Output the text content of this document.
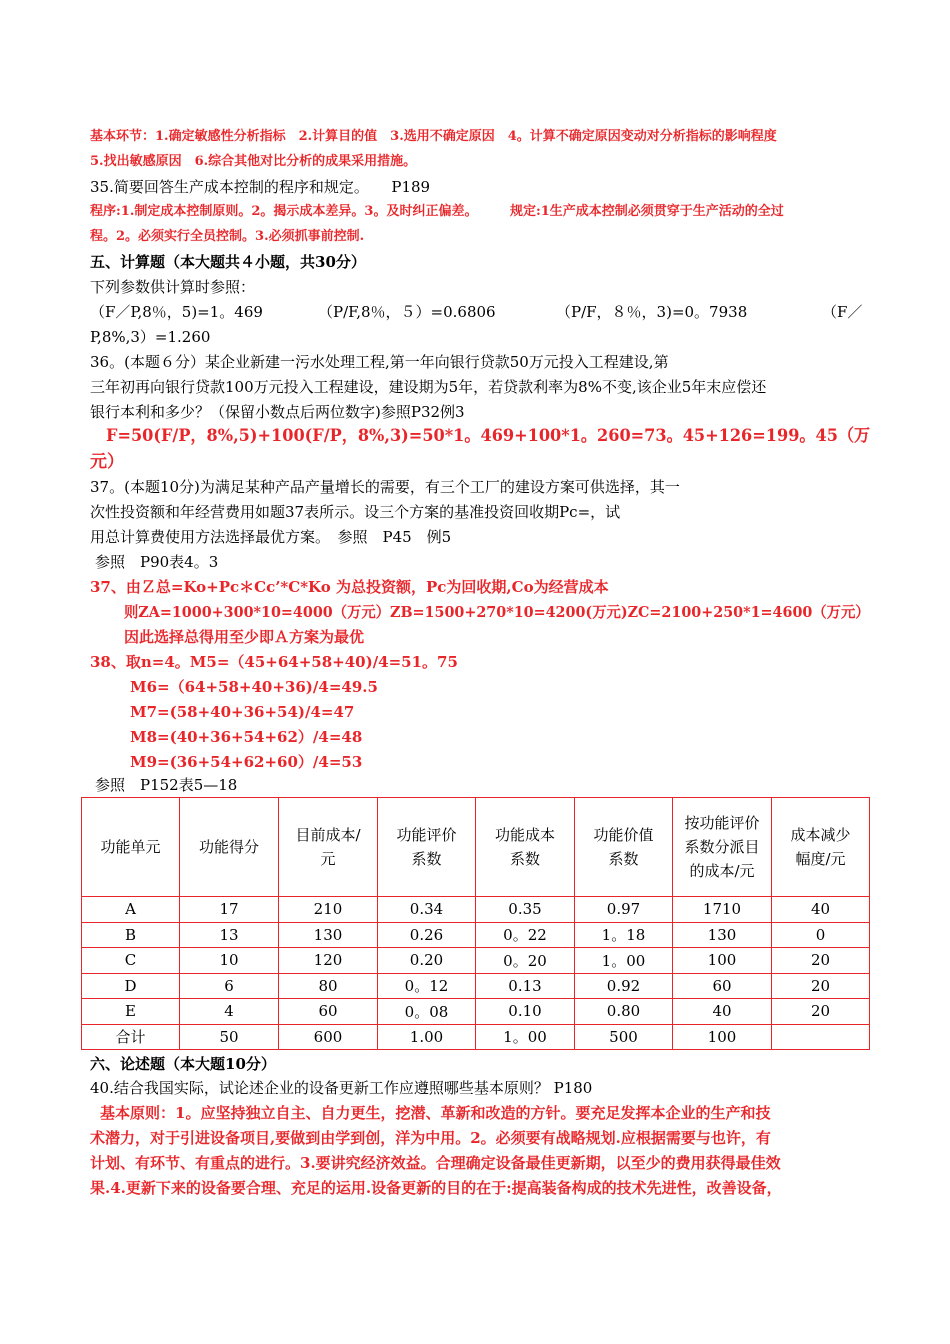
基本环节：1.确定敏感性分析指标　2.计算目的值　3.选用不确定原因　4。计算不确定原因变动对分析指标的影响程度
5.找出敏感原因　6.综合其他对比分析的成果采用措施。
35.简要回答生产成本控制的程序和规定。　　P189
程序:1.制定成本控制原则。2。揭示成本差异。3。及时纠正偏差。　　　规定:1生产成本控制必须贯穿于生产活动的全过
程。2。必须实行全员控制。3.必须抓事前控制.
五、计算题（本大题共４小题，共30分）
下列参数供计算时参照：
（F／P,8％，5)=1。469	（P/F,8％，５）=0.6806	（P/F，８％，3)=0。7938	（F／
P,8%,3）=1.260
36。(本题６分）某企业新建一污水处理工程,第一年向银行贷款50万元投入工程建设,第
三年初再向银行贷款100万元投入工程建设，建设期为5年，若贷款利率为8%不变,该企业5年末应偿还
银行本利和多少？（保留小数点后两位数字)参照P32例3
F=50(F/P，8%,5)+100(F/P，8%,3)=50*1。469+100*1。260=73。45+126=199。45（万
元）
37。(本题10分)为满足某种产品产量增长的需要，有三个工厂的建设方案可供选择，其一
次性投资额和年经营费用如题37表所示。设三个方案的基准投资回收期Pc=，试
用总计算费使用方法选择最优方案。　参照　P45　例5
参照　P90表4。3
37、由Ｚ总=Ko+Pc＊Cc’*C*Ko 为总投资额，Pc为回收期,Co为经营成本
则ZA=1000+300*10=4000（万元）ZB=1500+270*10=4200(万元)ZC=2100+250*1=4600（万元）
因此选择总得用至少即Ａ方案为最优
38、取n=4。M5=（45+64+58+40)/4=51。75
M6=（64+58+40+36)/4=49.5
M7=(58+40+36+54)/4=47
M8=(40+36+54+62）/4=48
M9=(36+54+62+60）/4=53
参照　P152表5—18
功能单元	功能得分	目前成本/元	功能评价系数	功能成本系数	功能价值系数	按功能评价系数分派目的成本/元	成本减少幅度/元
A	17	210	0.34	0.35	0.97	1710	40
B	13	130	0.26	0。22	1。18	130	0
C	10	120	0.20	0。20	1。00	100	20
D	6	80	0。12	0.13	0.92	60	20
E	4	60	0。08	0.10	0.80	40	20
合计	50	600	1.00	1。00	500	100	
六、论述题（本大题10分）
40.结合我国实际，试论述企业的设备更新工作应遵照哪些基本原则？ P180
基本原则：1。应坚持独立自主、自力更生，挖潜、革新和改造的方针。要充足发挥本企业的生产和技
术潜力，对于引进设备项目,要做到由学到创，洋为中用。2。必须要有战略规划.应根据需要与也许，有
计划、有环节、有重点的进行。3.要讲究经济效益。合理确定设备最佳更新期，以至少的费用获得最佳效
果.4.更新下来的设备要合理、充足的运用.设备更新的目的在于:提高装备构成的技术先进性，改善设备，
